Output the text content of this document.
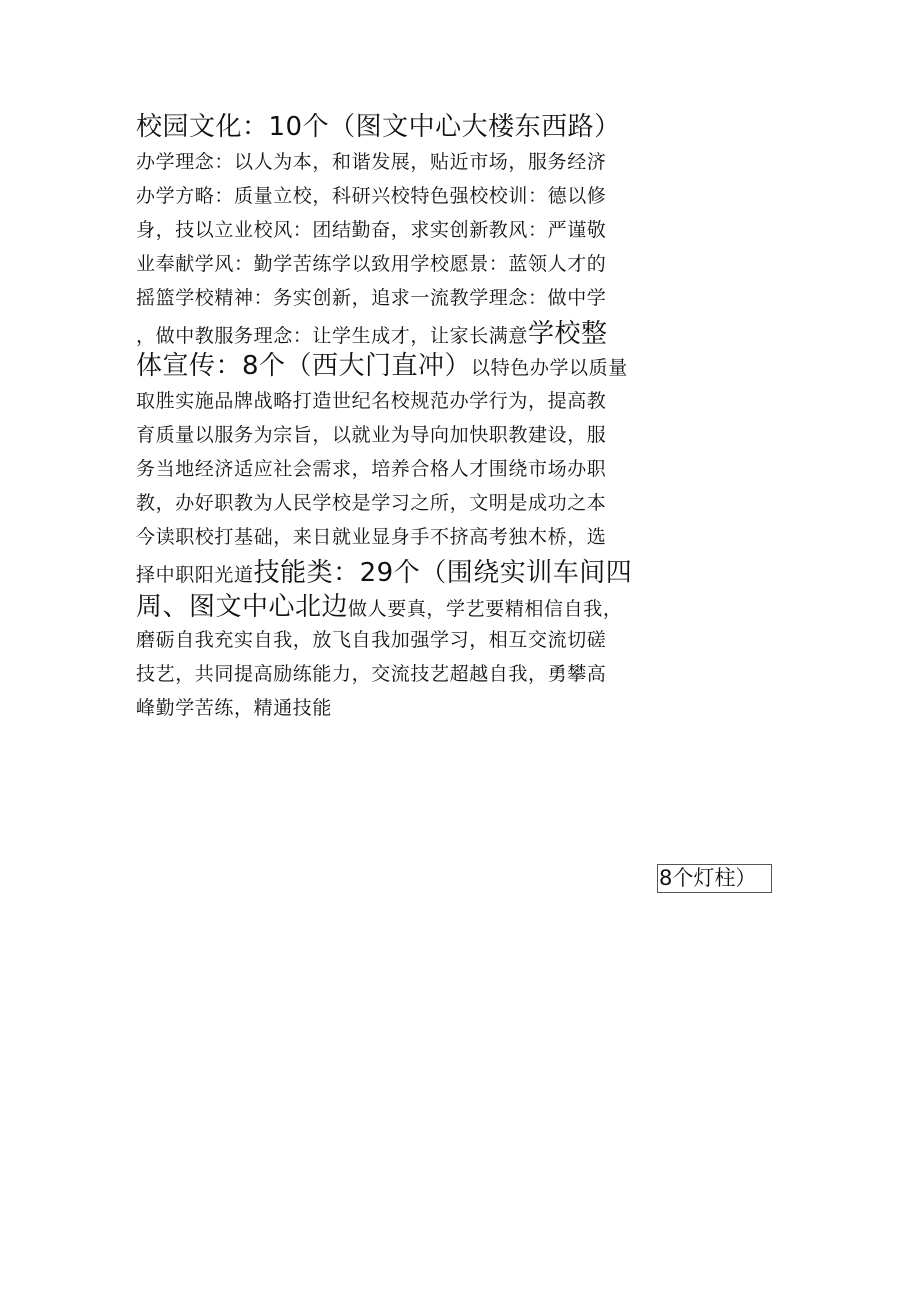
校园文化：10个（图文中心大楼东西路）
办学理念：以人为本，和谐发展，贴近市场，服务经济
办学方略：质量立校，科研兴校特色强校校训：德以修
身，技以立业校风：团结勤奋，求实创新教风：严谨敬
业奉献学风：勤学苦练学以致用学校愿景：蓝领人才的
摇篮学校精神：务实创新，追求一流教学理念：做中学
，做中教服务理念：让学生成才，让家长满意学校整
体宣传：8个（西大门直冲）以特色办学以质量
取胜实施品牌战略打造世纪名校规范办学行为，提高教
育质量以服务为宗旨，以就业为导向加快职教建设，服
务当地经济适应社会需求，培养合格人才围绕市场办职
教，办好职教为人民学校是学习之所，文明是成功之本
今读职校打基础，来日就业显身手不挤高考独木桥，选
择中职阳光道技能类：29个（围绕实训车间四
周、图文中心北边做人要真，学艺要精相信自我，
磨砺自我充实自我，放飞自我加强学习，相互交流切磋
技艺，共同提高励练能力，交流技艺超越自我，勇攀高
峰勤学苦练，精通技能
8个灯柱）
